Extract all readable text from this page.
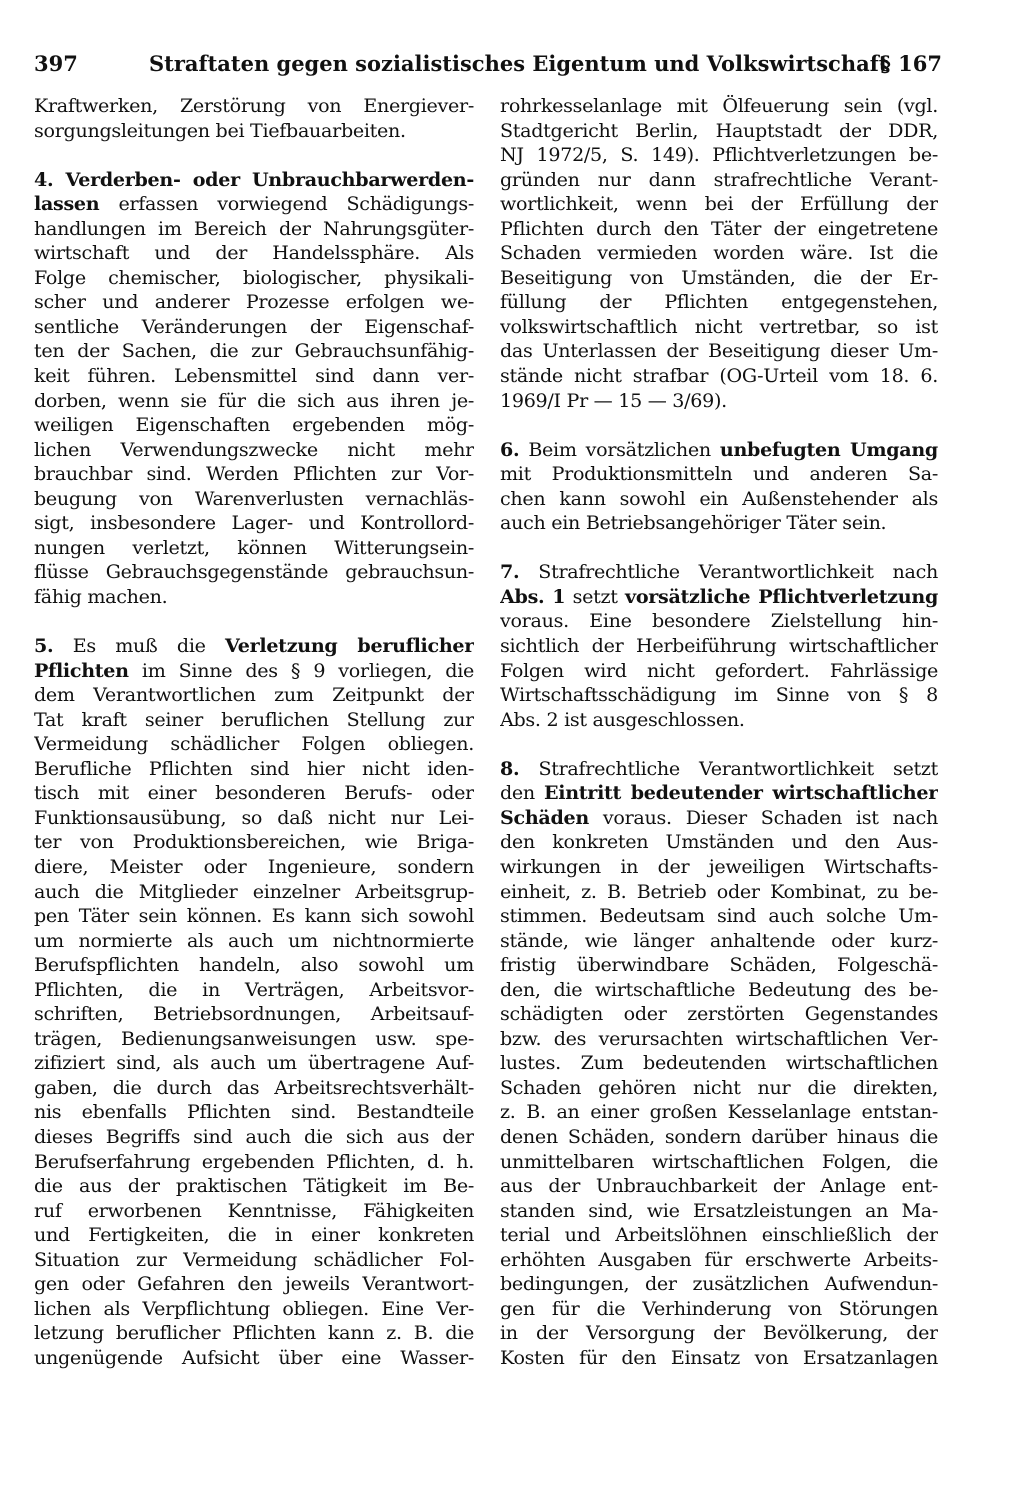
397	Straftaten gegen sozialistisches Eigentum und Volkswirtschaft
§ 167
Kraftwerken, Zerstörung von Energiever-
sorgungsleitungen bei Tiefbauarbeiten.
4. Verderben- oder Unbrauchbarwerden-
lassen erfassen vorwiegend Schädigungs-
handlungen im Bereich der Nahrungsgüter-
wirtschaft und der Handelssphäre. Als
Folge chemischer, biologischer, physikali-
scher und anderer Prozesse erfolgen we-
sentliche Veränderungen der Eigenschaf-
ten der Sachen, die zur Gebrauchsunfähig-
keit führen. Lebensmittel sind dann ver-
dorben, wenn sie für die sich aus ihren je-
weiligen Eigenschaften ergebenden mög-
lichen Verwendungszwecke nicht mehr
brauchbar sind. Werden Pflichten zur Vor-
beugung von Warenverlusten vernachläs-
sigt, insbesondere Lager- und Kontrollord-
nungen verletzt, können Witterungsein-
flüsse Gebrauchsgegenstände gebrauchsun-
fähig machen.
5. Es muß die Verletzung beruflicher
Pflichten im Sinne des § 9 vorliegen, die
dem Verantwortlichen zum Zeitpunkt der
Tat kraft seiner beruflichen Stellung zur
Vermeidung schädlicher Folgen obliegen.
Berufliche Pflichten sind hier nicht iden-
tisch mit einer besonderen Berufs- oder
Funktionsausübung, so daß nicht nur Lei-
ter von Produktionsbereichen, wie Briga-
diere, Meister oder Ingenieure, sondern
auch die Mitglieder einzelner Arbeitsgrup-
pen Täter sein können. Es kann sich sowohl
um normierte als auch um nichtnormierte
Berufspflichten handeln, also sowohl um
Pflichten, die in Verträgen, Arbeitsvor-
schriften, Betriebsordnungen, Arbeitsauf-
trägen, Bedienungsanweisungen usw. spe-
zifiziert sind, als auch um übertragene Auf-
gaben, die durch das Arbeitsrechtsverhält-
nis ebenfalls Pflichten sind. Bestandteile
dieses Begriffs sind auch die sich aus der
Berufserfahrung ergebenden Pflichten, d. h.
die aus der praktischen Tätigkeit im Be-
ruf erworbenen Kenntnisse, Fähigkeiten
und Fertigkeiten, die in einer konkreten
Situation zur Vermeidung schädlicher Fol-
gen oder Gefahren den jeweils Verantwort-
lichen als Verpflichtung obliegen. Eine Ver-
letzung beruflicher Pflichten kann z. B. die
ungenügende Aufsicht über eine Wasser-
rohrkesselanlage mit Ölfeuerung sein (vgl.
Stadtgericht Berlin, Hauptstadt der DDR,
NJ 1972/5, S. 149). Pflichtverletzungen be-
gründen nur dann strafrechtliche Verant-
wortlichkeit, wenn bei der Erfüllung der
Pflichten durch den Täter der eingetretene
Schaden vermieden worden wäre. Ist die
Beseitigung von Umständen, die der Er-
füllung der Pflichten entgegenstehen,
volkswirtschaftlich nicht vertretbar, so ist
das Unterlassen der Beseitigung dieser Um-
stände nicht strafbar (OG-Urteil vom 18. 6.
1969/I Pr — 15 — 3/69).
6. Beim vorsätzlichen unbefugten Umgang
mit Produktionsmitteln und anderen Sa-
chen kann sowohl ein Außenstehender als
auch ein Betriebsangehöriger Täter sein.
7. Strafrechtliche Verantwortlichkeit nach
Abs. 1 setzt vorsätzliche Pflichtverletzung
voraus. Eine besondere Zielstellung hin-
sichtlich der Herbeiführung wirtschaftlicher
Folgen wird nicht gefordert. Fahrlässige
Wirtschaftsschädigung im Sinne von § 8
Abs. 2 ist ausgeschlossen.
8. Strafrechtliche Verantwortlichkeit setzt
den Eintritt bedeutender wirtschaftlicher
Schäden voraus. Dieser Schaden ist nach
den konkreten Umständen und den Aus-
wirkungen in der jeweiligen Wirtschafts-
einheit, z. B. Betrieb oder Kombinat, zu be-
stimmen. Bedeutsam sind auch solche Um-
stände, wie länger anhaltende oder kurz-
fristig überwindbare Schäden, Folgeschä-
den, die wirtschaftliche Bedeutung des be-
schädigten oder zerstörten Gegenstandes
bzw. des verursachten wirtschaftlichen Ver-
lustes. Zum bedeutenden wirtschaftlichen
Schaden gehören nicht nur die direkten,
z. B. an einer großen Kesselanlage entstan-
denen Schäden, sondern darüber hinaus die
unmittelbaren wirtschaftlichen Folgen, die
aus der Unbrauchbarkeit der Anlage ent-
standen sind, wie Ersatzleistungen an Ma-
terial und Arbeitslöhnen einschließlich der
erhöhten Ausgaben für erschwerte Arbeits-
bedingungen, der zusätzlichen Aufwendun-
gen für die Verhinderung von Störungen
in der Versorgung der Bevölkerung, der
Kosten für den Einsatz von Ersatzanlagen
